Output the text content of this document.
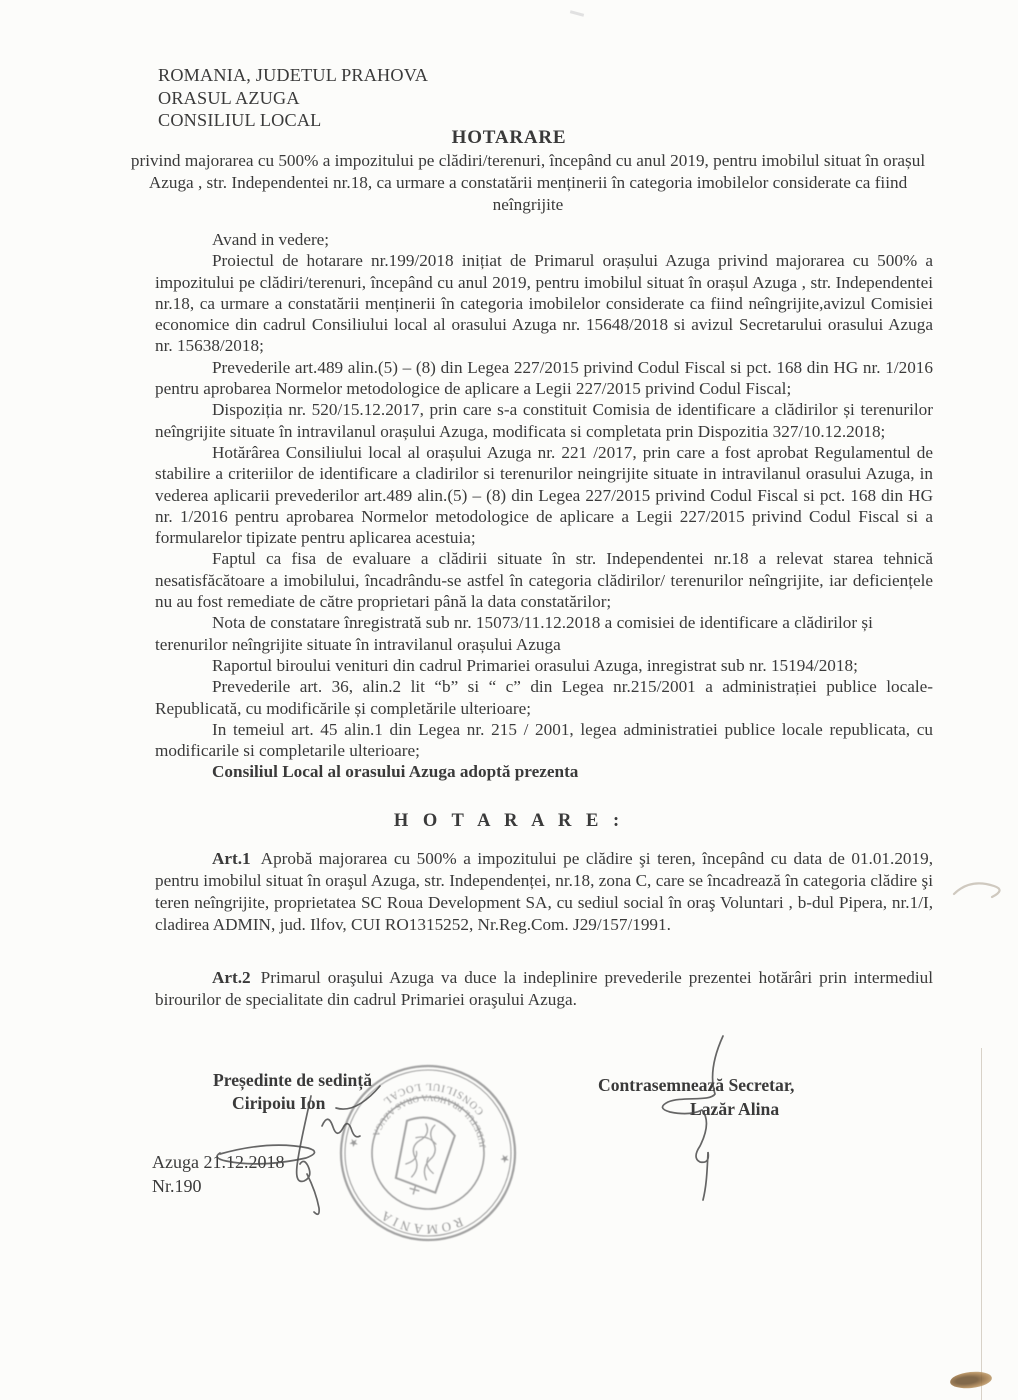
ROMANIA, JUDETUL PRAHOVA
ORASUL AZUGA
CONSILIUL LOCAL
HOTARARE
privind majorarea cu 500% a impozitului pe clădiri/terenuri, începând cu anul 2019, pentru imobilul situat în orașul Azuga , str. Independentei nr.18, ca urmare a constatării menținerii în categoria imobilelor considerate ca fiind neîngrijite

Avand in vedere;

Proiectul de hotarare nr.199/2018 inițiat de Primarul orașului Azuga privind majorarea cu 500% a impozitului pe clădiri/terenuri, începând cu anul 2019, pentru imobilul situat în orașul Azuga , str. Independentei nr.18, ca urmare a constatării menținerii în categoria imobilelor considerate ca fiind neîngrijite,avizul Comisiei economice din cadrul Consiliului local al orasului Azuga nr. 15648/2018 si avizul Secretarului orasului Azuga nr. 15638/2018;

Prevederile art.489 alin.(5) – (8) din Legea 227/2015 privind Codul Fiscal si pct. 168 din HG nr. 1/2016 pentru aprobarea Normelor metodologice de aplicare a Legii 227/2015 privind Codul Fiscal;

Dispoziția nr. 520/15.12.2017, prin care s-a constituit Comisia de identificare a clădirilor și terenurilor neîngrijite situate în intravilanul orașului Azuga, modificata si completata prin Dispozitia 327/10.12.2018;

Hotărârea Consiliului local al orașului Azuga nr. 221 /2017, prin care a fost aprobat Regulamentul de stabilire a criteriilor de identificare a cladirilor si terenurilor neingrijite situate in intravilanul orasului Azuga, in vederea aplicarii prevederilor art.489 alin.(5) – (8) din Legea 227/2015 privind Codul Fiscal si pct. 168 din HG nr. 1/2016 pentru aprobarea Normelor metodologice de aplicare a Legii 227/2015 privind Codul Fiscal si a formularelor tipizate pentru aplicarea acestuia;

Faptul ca fisa de evaluare a clădirii situate în str. Independentei nr.18 a relevat starea tehnică nesatisfăcătoare a imobilului, încadrându-se astfel în categoria clădirilor/ terenurilor neîngrijite, iar deficiențele nu au fost remediate de către proprietari până la data constatărilor;

Nota de constatare înregistrată sub nr. 15073/11.12.2018 a comisiei de identificare a clădirilor și terenurilor neîngrijite situate în intravilanul orașului Azuga

Raportul biroului venituri din cadrul Primariei orasului Azuga, inregistrat sub nr. 15194/2018;

Prevederile art. 36, alin.2 lit “b” si “ c” din Legea nr.215/2001 a administrației publice locale- Republicată, cu modificările și completările ulterioare;

In temeiul art. 45 alin.1 din Legea nr. 215 / 2001, legea administratiei publice locale republicata, cu modificarile si completarile ulterioare;

Consiliul Local al orasului Azuga adoptă prezenta

H O T A R A R E :

Art.1 Aprobă majorarea cu 500% a impozitului pe clădire şi teren, începând cu data de 01.01.2019, pentru imobilul situat în oraşul Azuga, str. Independenței, nr.18, zona C, care se încadrează în categoria clădire şi teren neîngrijite, proprietatea SC Roua Development SA, cu sediul social în oraş Voluntari , b-dul Pipera, nr.1/I, cladirea ADMIN, jud. Ilfov, CUI RO1315252, Nr.Reg.Com. J29/157/1991.

Art.2 Primarul oraşului Azuga va duce la indeplinire prevederile prezentei hotărâri prin intermediul birourilor de specialitate din cadrul Primariei oraşului Azuga.

Președinte de sedință
Ciripoiu Ion
Contrasemnează Secretar,
Lazăr Alina
Azuga 21.12.2018
Nr.190
ROMANIA
CONSILIUL LOCAL
JUDETUL PRAHOVA ORAS AZUGA
★
★
